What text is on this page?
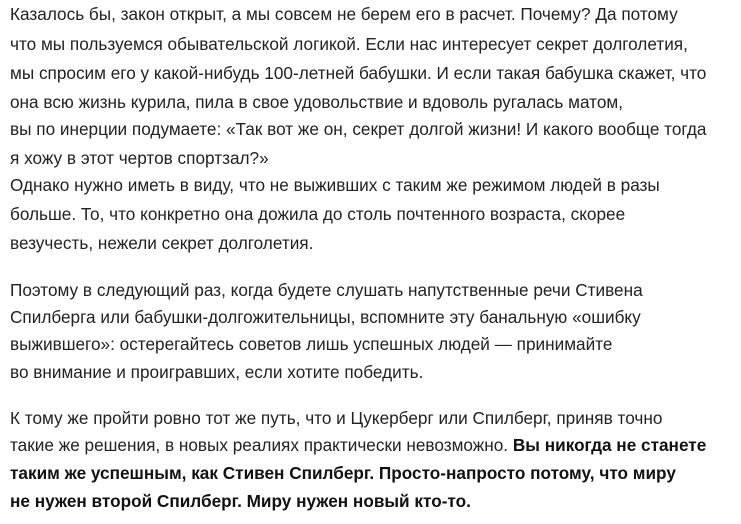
Казалось бы, закон открыт, а мы совсем не берем его в расчет. Почему? Да потому
что мы пользуемся обывательской логикой. Если нас интересует секрет долголетия,
мы спросим его у какой-нибудь 100-летней бабушки. И если такая бабушка скажет, что
она всю жизнь курила, пила в свое удовольствие и вдоволь ругалась матом,
вы по инерции подумаете: «Так вот же он, секрет долгой жизни! И какого вообще тогда
я хожу в этот чертов спортзал?»
Однако нужно иметь в виду, что не выживших с таким же режимом людей в разы
больше. То, что конкретно она дожила до столь почтенного возраста, скорее
везучесть, нежели секрет долголетия.
Поэтому в следующий раз, когда будете слушать напутственные речи Стивена
Спилберга или бабушки-долгожительницы, вспомните эту банальную «ошибку
выжившего»: остерегайтесь советов лишь успешных людей — принимайте
во внимание и проигравших, если хотите победить.
К тому же пройти ровно тот же путь, что и Цукерберг или Спилберг, приняв точно
такие же решения, в новых реалиях практически невозможно. Вы никогда не станете
таким же успешным, как Стивен Спилберг. Просто-напросто потому, что миру
не нужен второй Спилберг. Миру нужен новый кто-то.
